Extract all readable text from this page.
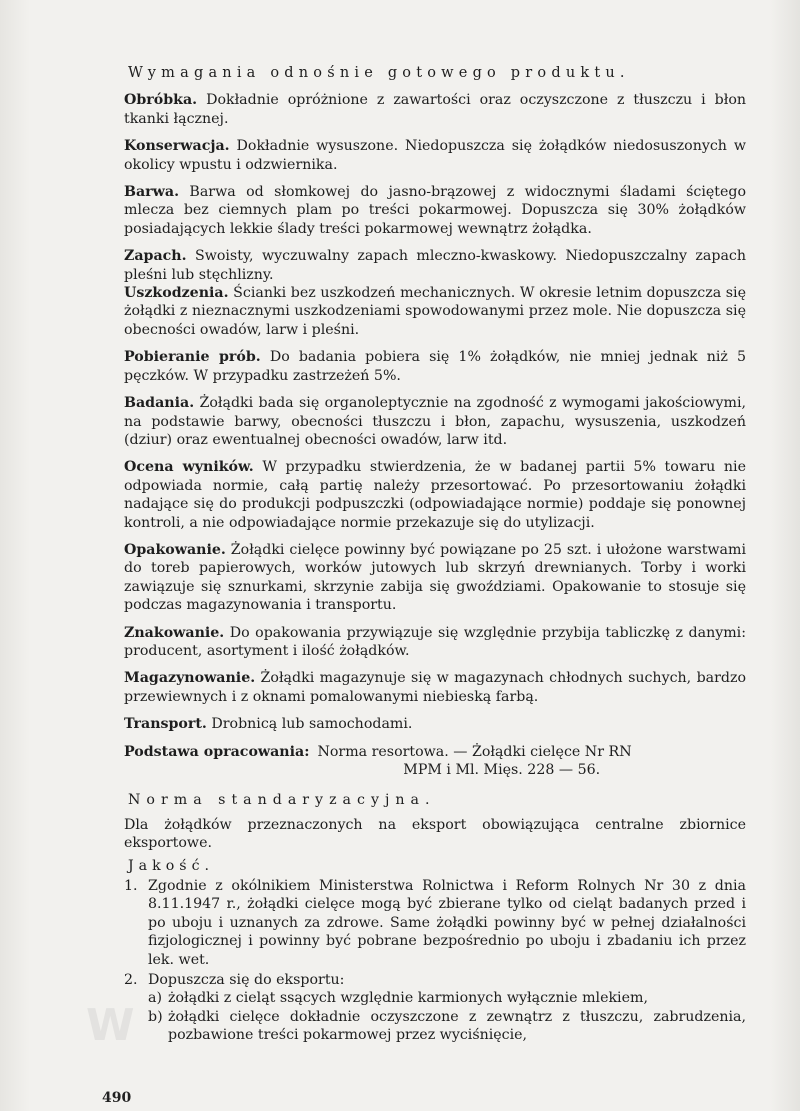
Wymagania odnośnie gotowego produktu.
Obróbka. Dokładnie opróżnione z zawartości oraz oczyszczone z tłuszczu i błon tkanki łącznej.
Konserwacja. Dokładnie wysuszone. Niedopuszcza się żołądków niedosuszonych w okolicy wpustu i odzwiernika.
Barwa. Barwa od słomkowej do jasno-brązowej z widocznymi śladami ściętego mlecza bez ciemnych plam po treści pokarmowej. Dopuszcza się 30% żołądków posiadających lekkie ślady treści pokarmowej wewnątrz żołądka.
Zapach. Swoisty, wyczuwalny zapach mleczno-kwaskowy. Niedopuszczalny zapach pleśni lub stęchlizny.
Uszkodzenia. Ścianki bez uszkodzeń mechanicznych. W okresie letnim dopuszcza się żołądki z nieznacznymi uszkodzeniami spowodowanymi przez mole. Nie dopuszcza się obecności owadów, larw i pleśni.
Pobieranie prób. Do badania pobiera się 1% żołądków, nie mniej jednak niż 5 pęczków. W przypadku zastrzeżeń 5%.
Badania. Żołądki bada się organoleptycznie na zgodność z wymogami jakościowymi, na podstawie barwy, obecności tłuszczu i błon, zapachu, wysuszenia, uszkodzeń (dziur) oraz ewentualnej obecności owadów, larw itd.
Ocena wyników. W przypadku stwierdzenia, że w badanej partii 5% towaru nie odpowiada normie, całą partię należy przesortować. Po przesortowaniu żołądki nadające się do produkcji podpuszczki (odpowiadające normie) poddaje się ponownej kontroli, a nie odpowiadające normie przekazuje się do utylizacji.
Opakowanie. Żołądki cielęce powinny być powiązane po 25 szt. i ułożone warstwami do toreb papierowych, worków jutowych lub skrzyń drewnianych. Torby i worki zawiązuje się sznurkami, skrzynie zabija się gwoździami. Opakowanie to stosuje się podczas magazynowania i transportu.
Znakowanie. Do opakowania przywiązuje się względnie przybija tabliczkę z danymi: producent, asortyment i ilość żołądków.
Magazynowanie. Żołądki magazynuje się w magazynach chłodnych suchych, bardzo przewiewnych i z oknami pomalowanymi niebieską farbą.
Transport. Drobnicą lub samochodami.
Podstawa opracowania: Norma resortowa. — Żołądki cielęce Nr RN
MPM i Ml. Mięs. 228 — 56.
Norma standaryzacyjna.
Dla żołądków przeznaczonych na eksport obowiązująca centralne zbiornice eksportowe.
Jakość.
1. Zgodnie z okólnikiem Ministerstwa Rolnictwa i Reform Rolnych Nr 30 z dnia 8.11.1947 r., żołądki cielęce mogą być zbierane tylko od cieląt badanych przed i po uboju i uznanych za zdrowe. Same żołądki powinny być w pełnej działalności fizjologicznej i powinny być pobrane bezpośrednio po uboju i zbadaniu ich przez lek. wet.
2. Dopuszcza się do eksportu:
a) żołądki z cieląt ssących względnie karmionych wyłącznie mlekiem,
b) żołądki cielęce dokładnie oczyszczone z zewnątrz z tłuszczu, zabrudzenia, pozbawione treści pokarmowej przez wyciśnięcie,
W
490
